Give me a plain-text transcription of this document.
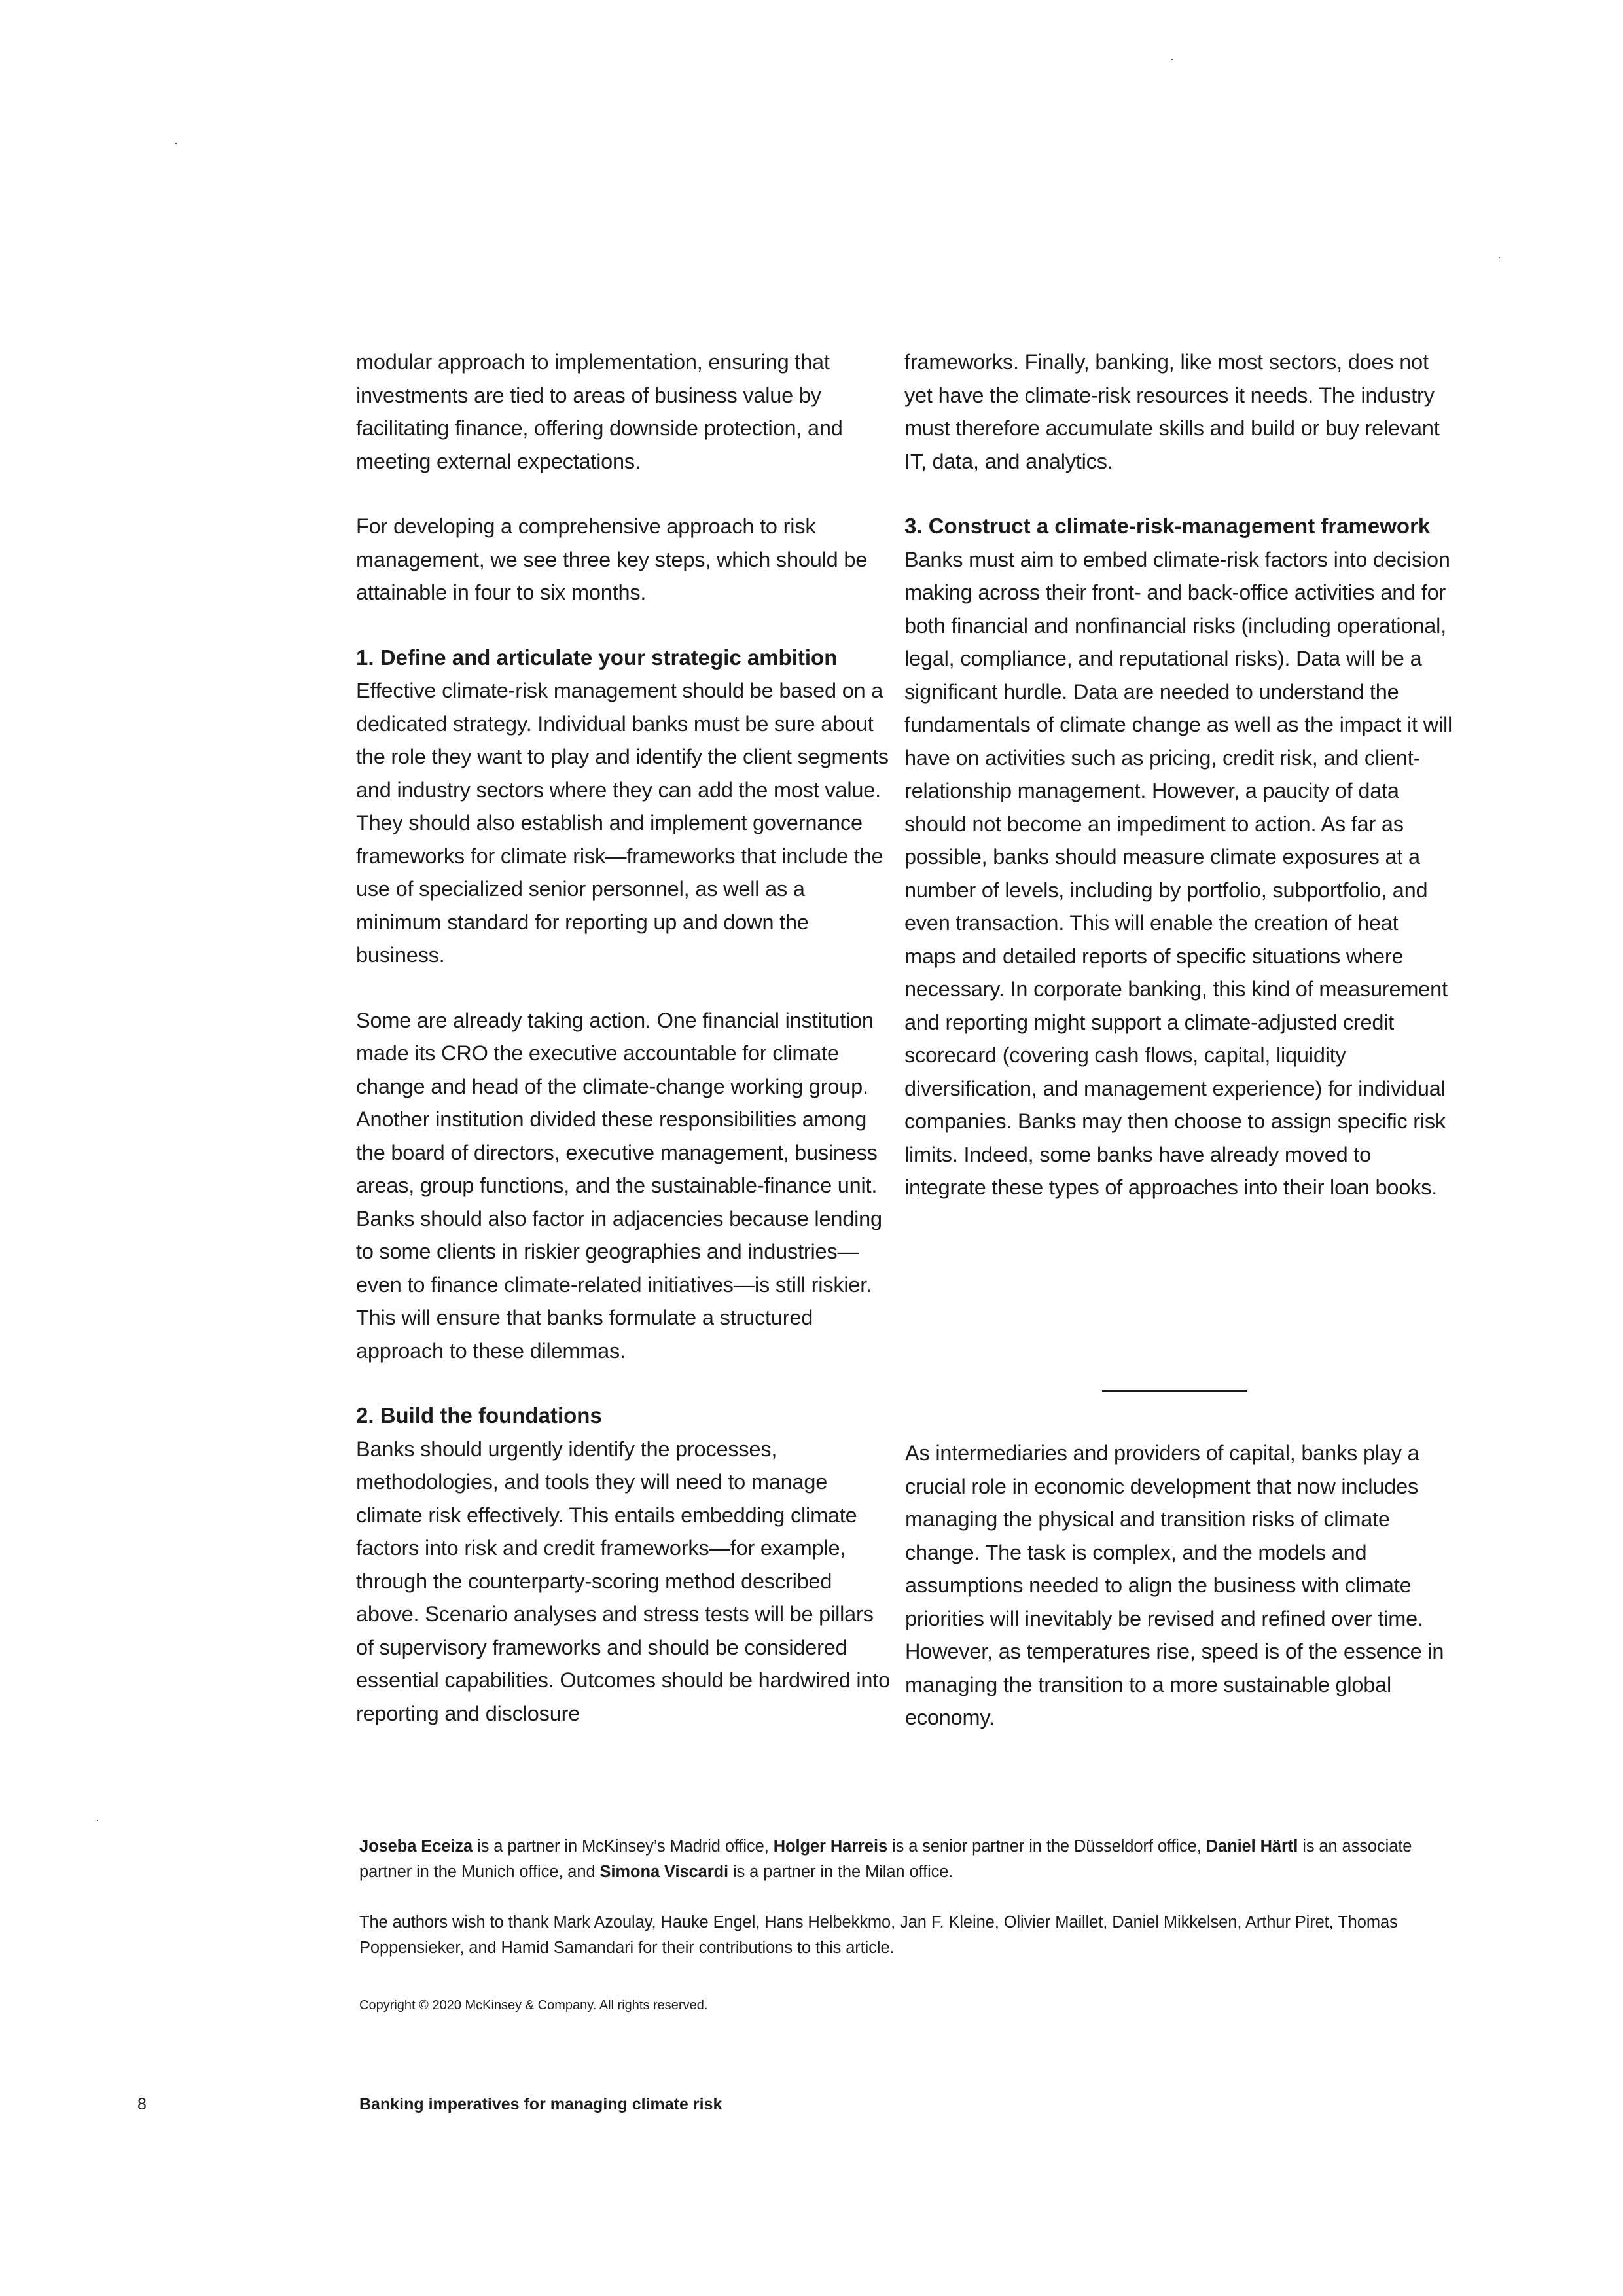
modular approach to implementation, ensuring that investments are tied to areas of business value by facilitating finance, offering downside protection, and meeting external expectations.

For developing a comprehensive approach to risk management, we see three key steps, which should be attainable in four to six months.

1. Define and articulate your strategic ambition

Effective climate-risk management should be based on a dedicated strategy. Individual banks must be sure about the role they want to play and identify the client segments and industry sectors where they can add the most value. They should also establish and implement governance frameworks for climate risk—frameworks that include the use of specialized senior personnel, as well as a minimum standard for reporting up and down the business.

Some are already taking action. One financial institution made its CRO the executive accountable for climate change and head of the climate-change working group. Another institution divided these responsibilities among the board of directors, executive management, business areas, group functions, and the sustainable-finance unit. Banks should also factor in adjacencies because lending to some clients in riskier geographies and industries—even to finance climate-related initiatives—is still riskier. This will ensure that banks formulate a structured approach to these dilemmas.

2. Build the foundations

Banks should urgently identify the processes, methodologies, and tools they will need to manage climate risk effectively. This entails embedding climate factors into risk and credit frameworks—for example, through the counterparty-scoring method described above. Scenario analyses and stress tests will be pillars of supervisory frameworks and should be considered essential capabilities. Outcomes should be hardwired into reporting and disclosure

frameworks. Finally, banking, like most sectors, does not yet have the climate-risk resources it needs. The industry must therefore accumulate skills and build or buy relevant IT, data, and analytics.

3. Construct a climate-risk-management framework

Banks must aim to embed climate-risk factors into decision making across their front- and back-office activities and for both financial and nonfinancial risks (including operational, legal, compliance, and reputational risks). Data will be a significant hurdle. Data are needed to understand the fundamentals of climate change as well as the impact it will have on activities such as pricing, credit risk, and client-relationship management. However, a paucity of data should not become an impediment to action. As far as possible, banks should measure climate exposures at a number of levels, including by portfolio, subportfolio, and even transaction. This will enable the creation of heat maps and detailed reports of specific situations where necessary. In corporate banking, this kind of measurement and reporting might support a climate-adjusted credit scorecard (covering cash flows, capital, liquidity diversification, and management experience) for individual companies. Banks may then choose to assign specific risk limits. Indeed, some banks have already moved to integrate these types of approaches into their loan books.

As intermediaries and providers of capital, banks play a crucial role in economic development that now includes managing the physical and transition risks of climate change. The task is complex, and the models and assumptions needed to align the business with climate priorities will inevitably be revised and refined over time. However, as temperatures rise, speed is of the essence in managing the transition to a more sustainable global economy.

Joseba Eceiza is a partner in McKinsey’s Madrid office, Holger Harreis is a senior partner in the Düsseldorf office, Daniel Härtl is an associate partner in the Munich office, and Simona Viscardi is a partner in the Milan office.
The authors wish to thank Mark Azoulay, Hauke Engel, Hans Helbekkmo, Jan F. Kleine, Olivier Maillet, Daniel Mikkelsen, Arthur Piret, Thomas Poppensieker, and Hamid Samandari for their contributions to this article.
Copyright © 2020 McKinsey & Company. All rights reserved.
8	Banking imperatives for managing climate risk
